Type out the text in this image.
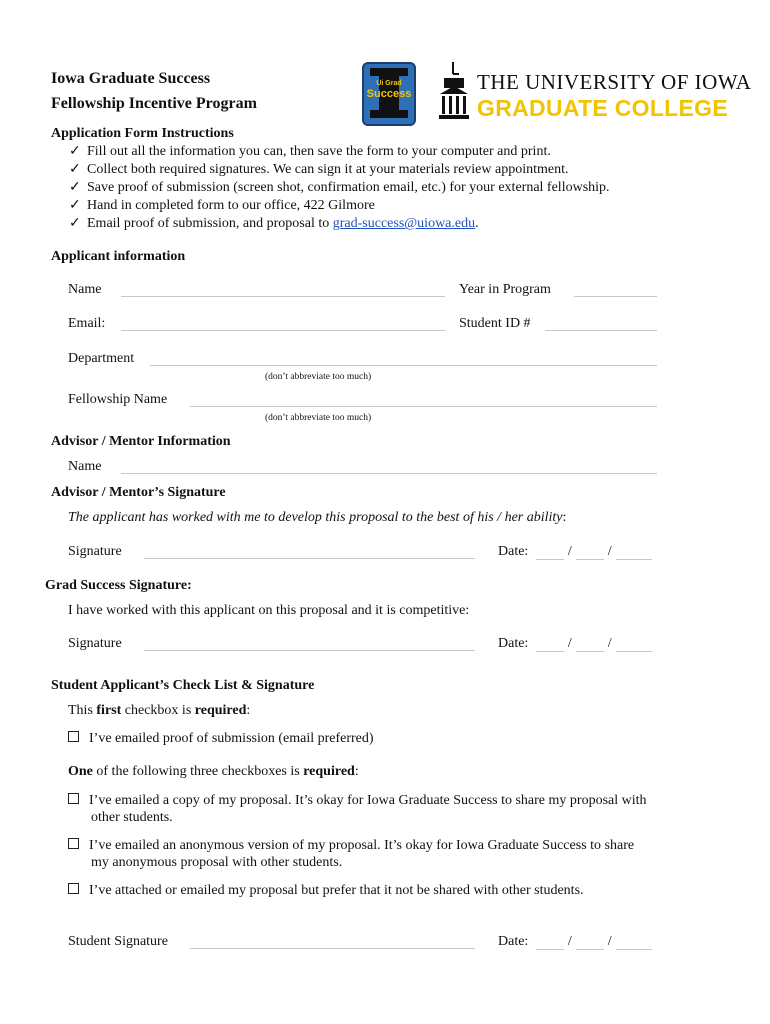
Iowa Graduate Success
Fellowship Incentive Program
Ui Grad
Success	THE UNIVERSITY OF IOWA
GRADUATE COLLEGE
Application Form Instructions
✓ Fill out all the information you can, then save the form to your computer and print.
✓ Collect both required signatures. We can sign it at your materials review appointment.
✓ Save proof of submission (screen shot, confirmation email, etc.) for your external fellowship.
✓ Hand in completed form to our office, 422 Gilmore
✓ Email proof of submission, and proposal to grad-success@uiowa.edu.
Applicant information
Name	Year in Program
Email:	Student ID #
Department
(don’t abbreviate too much)
Fellowship Name
(don’t abbreviate too much)
Advisor / Mentor Information
Name
Advisor / Mentor’s Signature
The applicant has worked with me to develop this proposal to the best of his / her ability:
Signature	Date:	/	/
Grad Success Signature:
I have worked with this applicant on this proposal and it is competitive:
Signature	Date:	/	/
Student Applicant’s Check List & Signature
This first checkbox is required:
I’ve emailed proof of submission (email preferred)
One of the following three checkboxes is required:
I’ve emailed a copy of my proposal. It’s okay for Iowa Graduate Success to share my proposal with
other students.
I’ve emailed an anonymous version of my proposal. It’s okay for Iowa Graduate Success to share
my anonymous proposal with other students.
I’ve attached or emailed my proposal but prefer that it not be shared with other students.
Student Signature	Date:	/	/
